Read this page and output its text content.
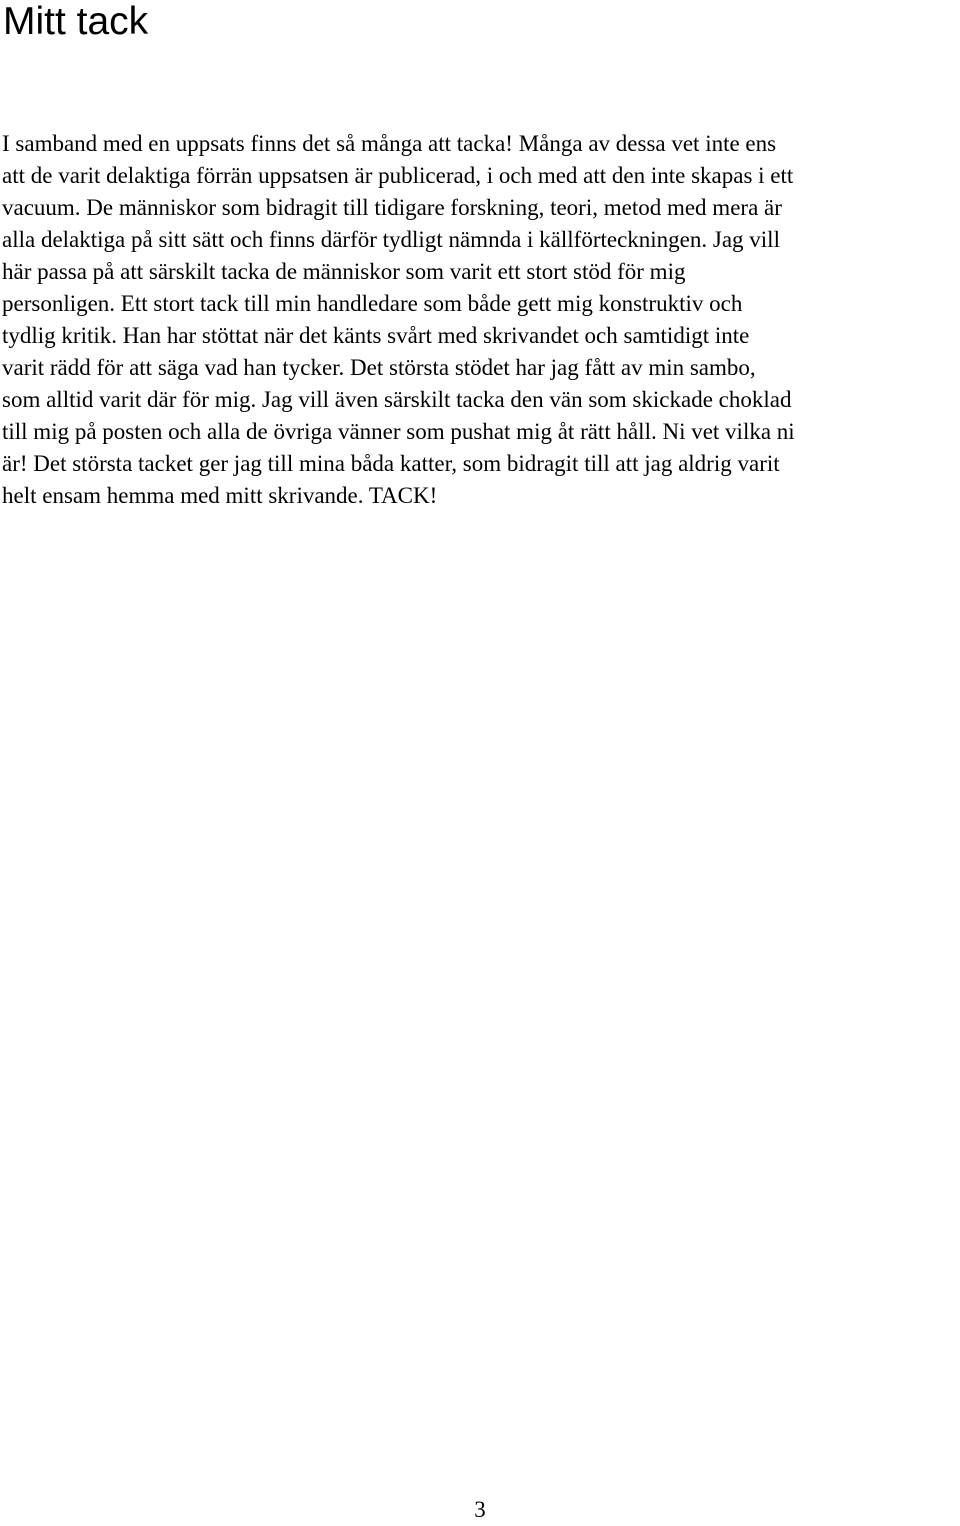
Mitt tack
I samband med en uppsats finns det så många att tacka! Många av dessa vet inte ens
att de varit delaktiga förrän uppsatsen är publicerad, i och med att den inte skapas i ett
vacuum. De människor som bidragit till tidigare forskning, teori, metod med mera är
alla delaktiga på sitt sätt och finns därför tydligt nämnda i källförteckningen. Jag vill
här passa på att särskilt tacka de människor som varit ett stort stöd för mig
personligen. Ett stort tack till min handledare som både gett mig konstruktiv och
tydlig kritik. Han har stöttat när det känts svårt med skrivandet och samtidigt inte
varit rädd för att säga vad han tycker. Det största stödet har jag fått av min sambo,
som alltid varit där för mig. Jag vill även särskilt tacka den vän som skickade choklad
till mig på posten och alla de övriga vänner som pushat mig åt rätt håll. Ni vet vilka ni
är! Det största tacket ger jag till mina båda katter, som bidragit till att jag aldrig varit
helt ensam hemma med mitt skrivande. TACK!
3
